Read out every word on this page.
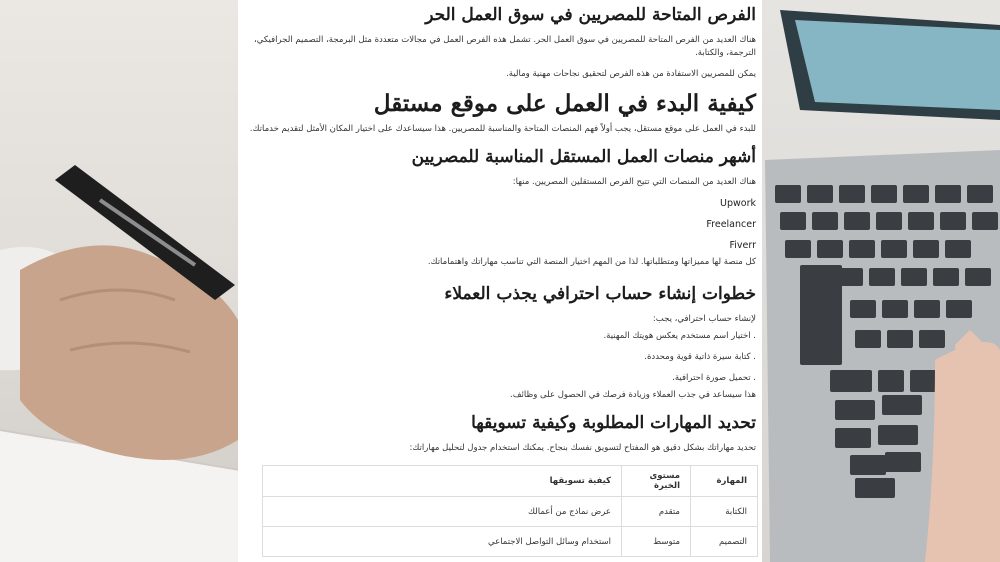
الفرص المتاحة للمصريين في سوق العمل الحر

هناك العديد من الفرص المتاحة للمصريين في سوق العمل الحر. تشمل هذه الفرص العمل في مجالات متعددة مثل البرمجة، التصميم الجرافيكي، الترجمة، والكتابة.

يمكن للمصريين الاستفادة من هذه الفرص لتحقيق نجاحات مهنية ومالية.

كيفية البدء في العمل على موقع مستقل

للبدء في العمل على موقع مستقل، يجب أولاً فهم المنصات المتاحة والمناسبة للمصريين. هذا سيساعدك على اختيار المكان الأمثل لتقديم خدماتك.

أشهر منصات العمل المستقل المناسبة للمصريين

هناك العديد من المنصات التي تتيح الفرص المستقلين المصريين. منها:

Upwork

Freelancer

Fiverr

كل منصة لها مميزاتها ومتطلباتها. لذا من المهم اختيار المنصة التي تناسب مهاراتك واهتماماتك.

خطوات إنشاء حساب احترافي يجذب العملاء

لإنشاء حساب احترافي، يجب:

. اختيار اسم مستخدم يعكس هويتك المهنية.

. كتابة سيرة ذاتية قوية ومحددة.

. تحميل صورة احترافية.

هذا سيساعد في جذب العملاء وزيادة فرصك في الحصول على وظائف.

تحديد المهارات المطلوبة وكيفية تسويقها

تحديد مهاراتك بشكل دقيق هو المفتاح لتسويق نفسك بنجاح. يمكنك استخدام جدول لتحليل مهاراتك:

المهارة	مستوى الخبرة	كيفية تسويقها
الكتابة	متقدم	عرض نماذج من أعمالك
التصميم	متوسط	استخدام وسائل التواصل الاجتماعي
